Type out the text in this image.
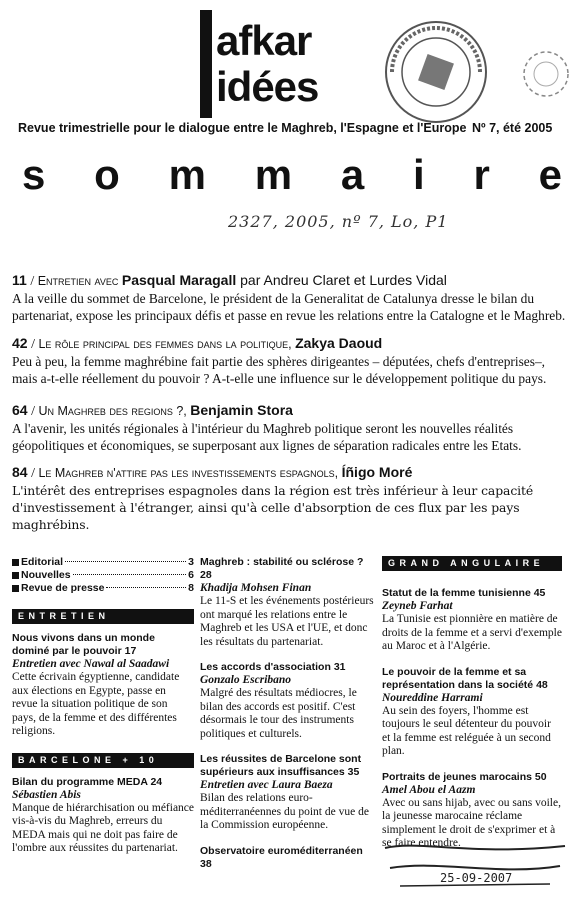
afkar
idées
Revue trimestrielle pour le dialogue entre le Maghreb, l'Espagne et l'Europe Nº 7, été 2005
s o m m a i r e
2327, 2005, nº 7, Lo, P1
11 / Entretien avec Pasqual Maragall par Andreu Claret et Lurdes Vidal
A la veille du sommet de Barcelone, le président de la Generalitat de Catalunya dresse le bilan du partenariat, expose les principaux défis et passe en revue les relations entre la Catalogne et le Maghreb.
42 / Le rôle principal des femmes dans la politique, Zakya Daoud
Peu à peu, la femme maghrébine fait partie des sphères dirigeantes – députées, chefs d'entreprises–, mais a-t-elle réellement du pouvoir ? A-t-elle une influence sur le développement politique du pays.
64 / Un Maghreb des regions ?, Benjamin Stora
A l'avenir, les unités régionales à l'intérieur du Maghreb politique seront les nouvelles réalités géopolitiques et économiques, se superposant aux lignes de séparation radicales entre les Etats.
84 / Le Maghreb n'attire pas les investissements espagnols, Íñigo Moré
L'intérêt des entreprises espagnoles dans la région est très inférieur à leur capacité d'investissement à l'étranger, ainsi qu'à celle d'absorption de ces flux par les pays maghrébins.
Editorial	3
Nouvelles	6
Revue de presse	8
ENTRETIEN
Nous vivons dans un monde dominé par le pouvoir 17
Entretien avec Nawal al Saadawi
Cette écrivain égyptienne, candidate aux élections en Egypte, passe en revue la situation politique de son pays, de la femme et des différentes religions.
BARCELONE + 10
Bilan du programme MEDA 24
Sébastien Abis
Manque de hiérarchisation ou méfiance vis-à-vis du Maghreb, erreurs du MEDA mais qui ne doit pas faire de l'ombre aux réussites du partenariat.
Maghreb : stabilité ou sclérose ? 28
Khadija Mohsen Finan
Le 11-S et les événements postérieurs ont marqué les relations entre le Maghreb et les USA et l'UE, et donc les résultats du partenariat.
Les accords d'association 31
Gonzalo Escribano
Malgré des résultats médiocres, le bilan des accords est positif. C'est désormais le tour des instruments politiques et culturels.
Les réussites de Barcelone sont supérieurs aux insuffisances 35
Entretien avec Laura Baeza
Bilan des relations euro-méditerranéennes du point de vue de la Commission européenne.
Observatoire euroméditerranéen 38
GRAND ANGULAIRE
Statut de la femme tunisienne 45
Zeyneb Farhat
La Tunisie est pionnière en matière de droits de la femme et a servi d'exemple au Maroc et à l'Algérie.
Le pouvoir de la femme et sa représentation dans la société 48
Noureddine Harrami
Au sein des foyers, l'homme est toujours le seul détenteur du pouvoir et la femme est reléguée à un second plan.
Portraits de jeunes marocains 50
Amel Abou el Aazm
Avec ou sans hijab, avec ou sans voile, la jeunesse marocaine réclame simplement le droit de s'exprimer et à se faire entendre.
25-09-2007
